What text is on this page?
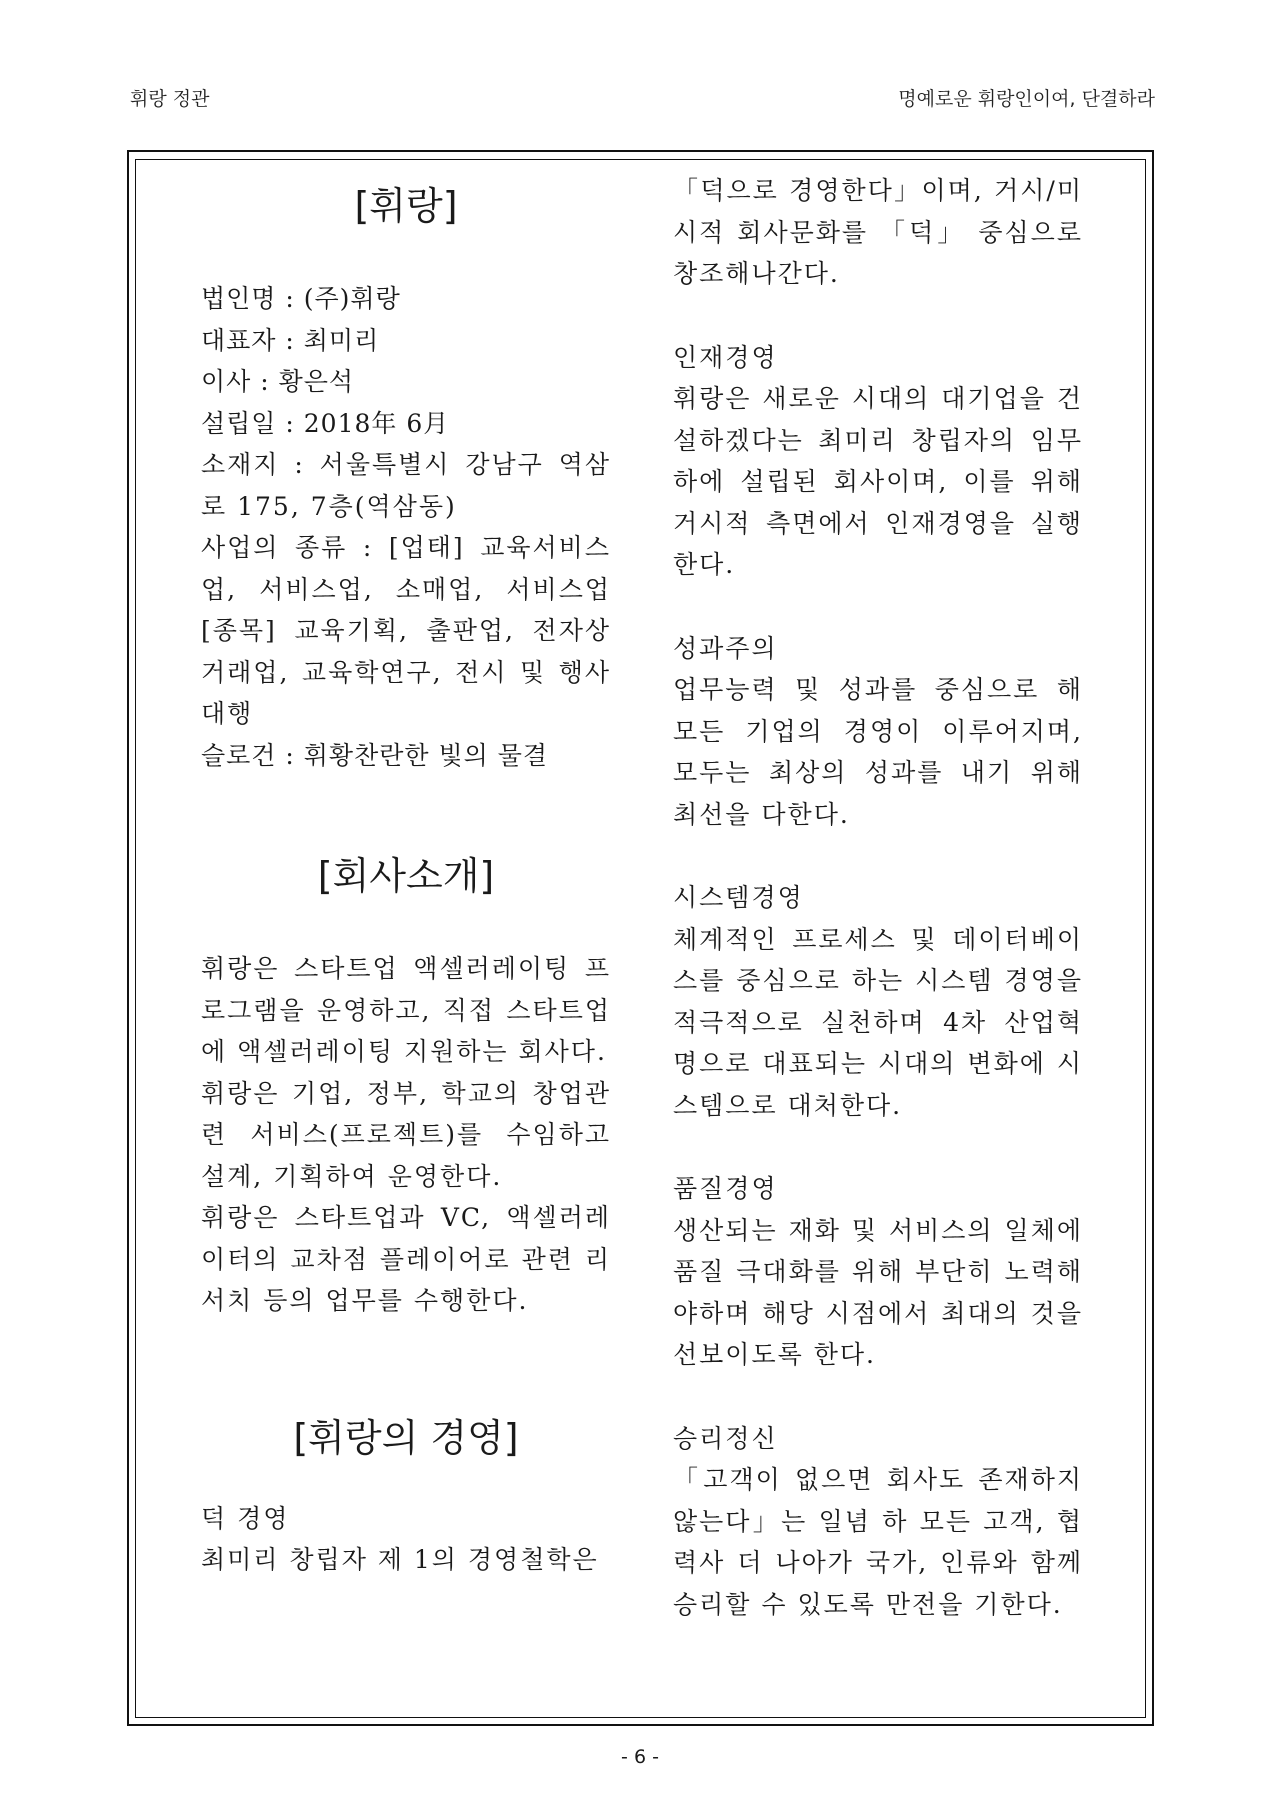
휘랑 정관	명예로운 휘랑인이여, 단결하라
[휘랑]

법인명 : (주)휘랑

대표자 : 최미리

이사 : 황은석

설립일 : 2018年 6月

소재지 : 서울특별시 강남구 역삼로 175, 7층(역삼동)

사업의 종류 : [업태] 교육서비스업, 서비스업, 소매업, 서비스업 [종목] 교육기획, 출판업, 전자상거래업, 교육학연구, 전시 및 행사대행

슬로건 : 휘황찬란한 빛의 물결

[회사소개]

휘랑은 스타트업 액셀러레이팅 프로그램을 운영하고, 직접 스타트업에 액셀러레이팅 지원하는 회사다.

휘랑은 기업, 정부, 학교의 창업관련 서비스(프로젝트)를 수임하고 설계, 기획하여 운영한다.

휘랑은 스타트업과 VC, 액셀러레이터의 교차점 플레이어로 관련 리서치 등의 업무를 수행한다.

[휘랑의 경영]

덕 경영

최미리 창립자 제 1의 경영철학은

「덕으로 경영한다」이며, 거시/미시적 회사문화를 「덕」 중심으로 창조해나간다.

인재경영

휘랑은 새로운 시대의 대기업을 건설하겠다는 최미리 창립자의 임무 하에 설립된 회사이며, 이를 위해 거시적 측면에서 인재경영을 실행한다.

성과주의

업무능력 및 성과를 중심으로 해 모든 기업의 경영이 이루어지며, 모두는 최상의 성과를 내기 위해 최선을 다한다.

시스템경영

체계적인 프로세스 및 데이터베이스를 중심으로 하는 시스템 경영을 적극적으로 실천하며 4차 산업혁명으로 대표되는 시대의 변화에 시스템으로 대처한다.

품질경영

생산되는 재화 및 서비스의 일체에 품질 극대화를 위해 부단히 노력해야하며 해당 시점에서 최대의 것을 선보이도록 한다.

승리정신

「고객이 없으면 회사도 존재하지 않는다」는 일념 하 모든 고객, 협력사 더 나아가 국가, 인류와 함께 승리할 수 있도록 만전을 기한다.

- 6 -
